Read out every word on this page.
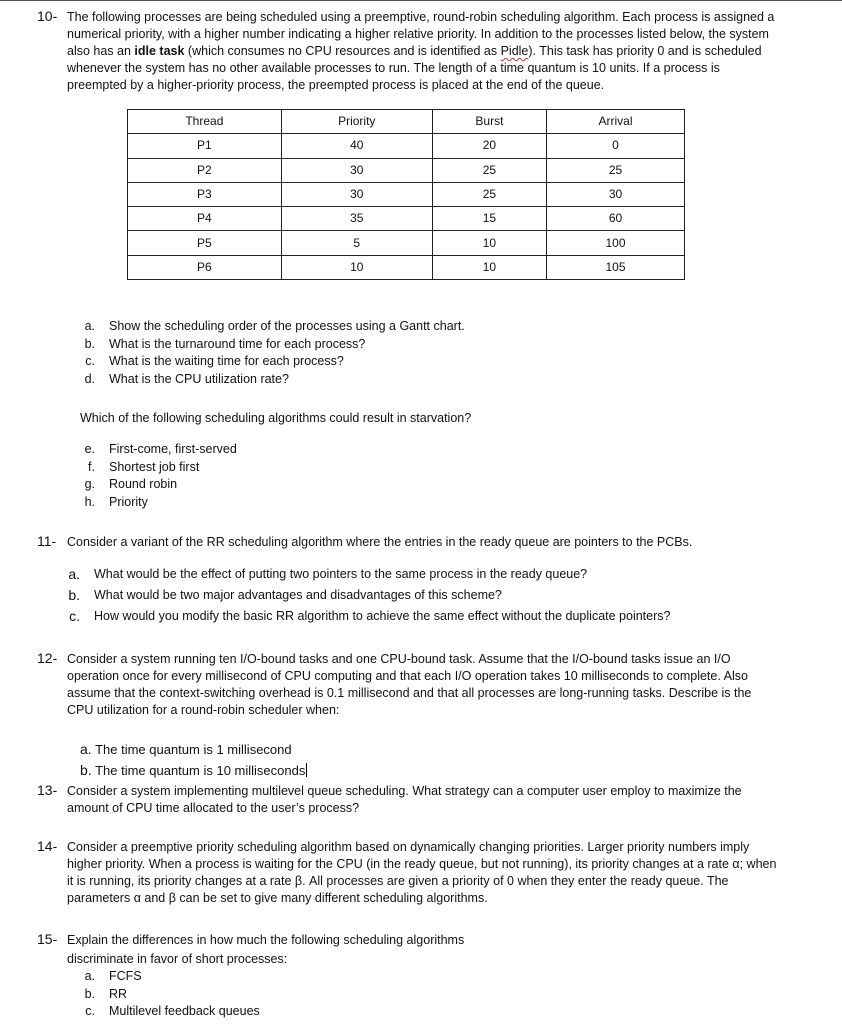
10- The following processes are being scheduled using a preemptive, round-robin scheduling algorithm. Each process is assigned a numerical priority, with a higher number indicating a higher relative priority. In addition to the processes listed below, the system also has an idle task (which consumes no CPU resources and is identified as Pidle). This task has priority 0 and is scheduled whenever the system has no other available processes to run. The length of a time quantum is 10 units. If a process is preempted by a higher-priority process, the preempted process is placed at the end of the queue.
Thread	Priority	Burst	Arrival
P1	40	20	0
P2	30	25	25
P3	30	25	30
P4	35	15	60
P5	5	10	100
P6	10	10	105
a.	Show the scheduling order of the processes using a Gantt chart.
b.	What is the turnaround time for each process?
c.	What is the waiting time for each process?
d.	What is the CPU utilization rate?
Which of the following scheduling algorithms could result in starvation?
e.	First-come, first-served
f.	Shortest job first
g.	Round robin
h.	Priority
11- Consider a variant of the RR scheduling algorithm where the entries in the ready queue are pointers to the PCBs.
a.	What would be the effect of putting two pointers to the same process in the ready queue?
b.	What would be two major advantages and disadvantages of this scheme?
c.	How would you modify the basic RR algorithm to achieve the same effect without the duplicate pointers?
12- Consider a system running ten I/O-bound tasks and one CPU-bound task. Assume that the I/O-bound tasks issue an I/O operation once for every millisecond of CPU computing and that each I/O operation takes 10 milliseconds to complete. Also assume that the context-switching overhead is 0.1 millisecond and that all processes are long-running tasks. Describe is the CPU utilization for a round-robin scheduler when:
a. The time quantum is 1 millisecond
b. The time quantum is 10 milliseconds
13- Consider a system implementing multilevel queue scheduling. What strategy can a computer user employ to maximize the amount of CPU time allocated to the user’s process?
14- Consider a preemptive priority scheduling algorithm based on dynamically changing priorities. Larger priority numbers imply higher priority. When a process is waiting for the CPU (in the ready queue, but not running), its priority changes at a rate α; when it is running, its priority changes at a rate β. All processes are given a priority of 0 when they enter the ready queue. The parameters α and β can be set to give many different scheduling algorithms.
15- Explain the differences in how much the following scheduling algorithms
discriminate in favor of short processes:
a.	FCFS
b.	RR
c.	Multilevel feedback queues
